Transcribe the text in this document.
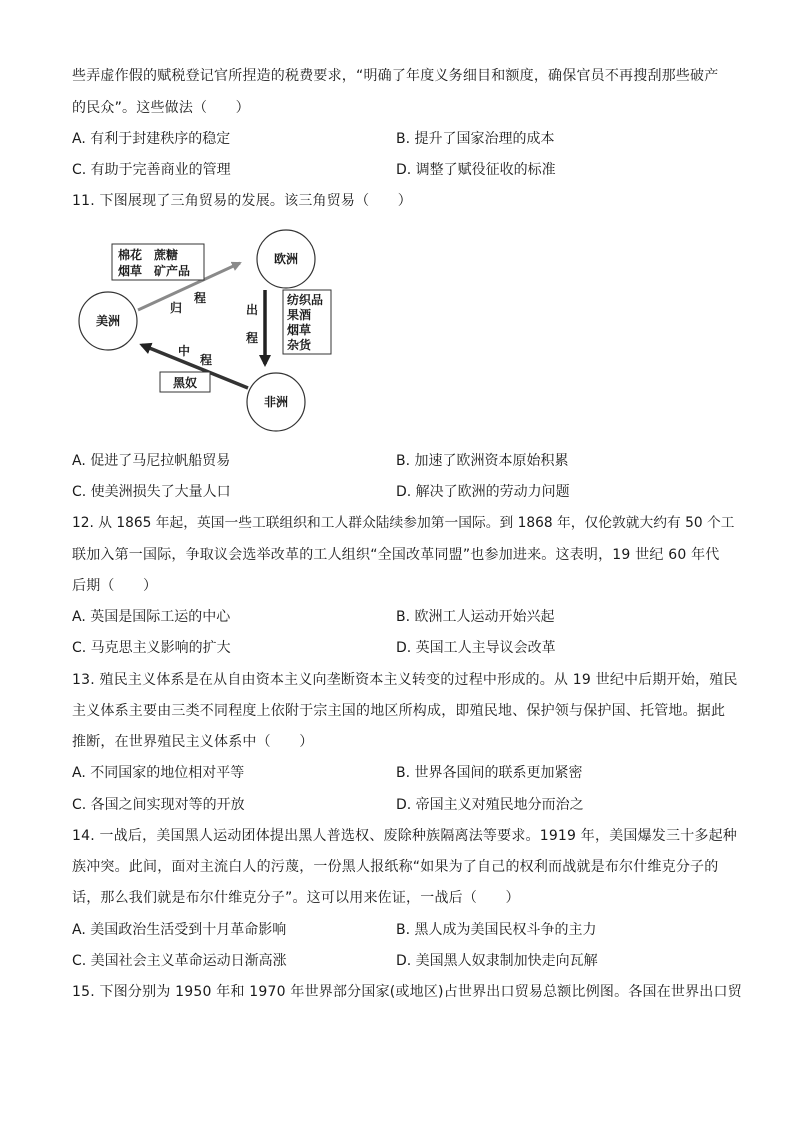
些弄虚作假的赋税登记官所捏造的税费要求，“明确了年度义务细目和额度，确保官员不再搜刮那些破产
的民众”。这些做法（　　）
A. 有利于封建秩序的稳定	B. 提升了国家治理的成本
C. 有助于完善商业的管理	D. 调整了赋役征收的标准
11. 下图展现了三角贸易的发展。该三角贸易（　　）
欧洲
美洲
非洲
归
程
棉花　蔗糖
烟草　矿产品
出
程
纺织品
果酒
烟草
杂货
中
程
黑奴
A. 促进了马尼拉帆船贸易	B. 加速了欧洲资本原始积累
C. 使美洲损失了大量人口	D. 解决了欧洲的劳动力问题
12. 从 1865 年起，英国一些工联组织和工人群众陆续参加第一国际。到 1868 年，仅伦敦就大约有 50 个工
联加入第一国际，争取议会选举改革的工人组织“全国改革同盟”也参加进来。这表明，19 世纪 60 年代
后期（　　）
A. 英国是国际工运的中心	B. 欧洲工人运动开始兴起
C. 马克思主义影响的扩大	D. 英国工人主导议会改革
13. 殖民主义体系是在从自由资本主义向垄断资本主义转变的过程中形成的。从 19 世纪中后期开始，殖民
主义体系主要由三类不同程度上依附于宗主国的地区所构成，即殖民地、保护领与保护国、托管地。据此
推断，在世界殖民主义体系中（　　）
A. 不同国家的地位相对平等	B. 世界各国间的联系更加紧密
C. 各国之间实现对等的开放	D. 帝国主义对殖民地分而治之
14. 一战后，美国黑人运动团体提出黑人普选权、废除种族隔离法等要求。1919 年，美国爆发三十多起种
族冲突。此间，面对主流白人的污蔑，一份黑人报纸称“如果为了自己的权利而战就是布尔什维克分子的
话，那么我们就是布尔什维克分子”。这可以用来佐证，一战后（　　）
A. 美国政治生活受到十月革命影响	B. 黑人成为美国民权斗争的主力
C. 美国社会主义革命运动日渐高涨	D. 美国黑人奴隶制加快走向瓦解
15. 下图分别为 1950 年和 1970 年世界部分国家(或地区)占世界出口贸易总额比例图。各国在世界出口贸
